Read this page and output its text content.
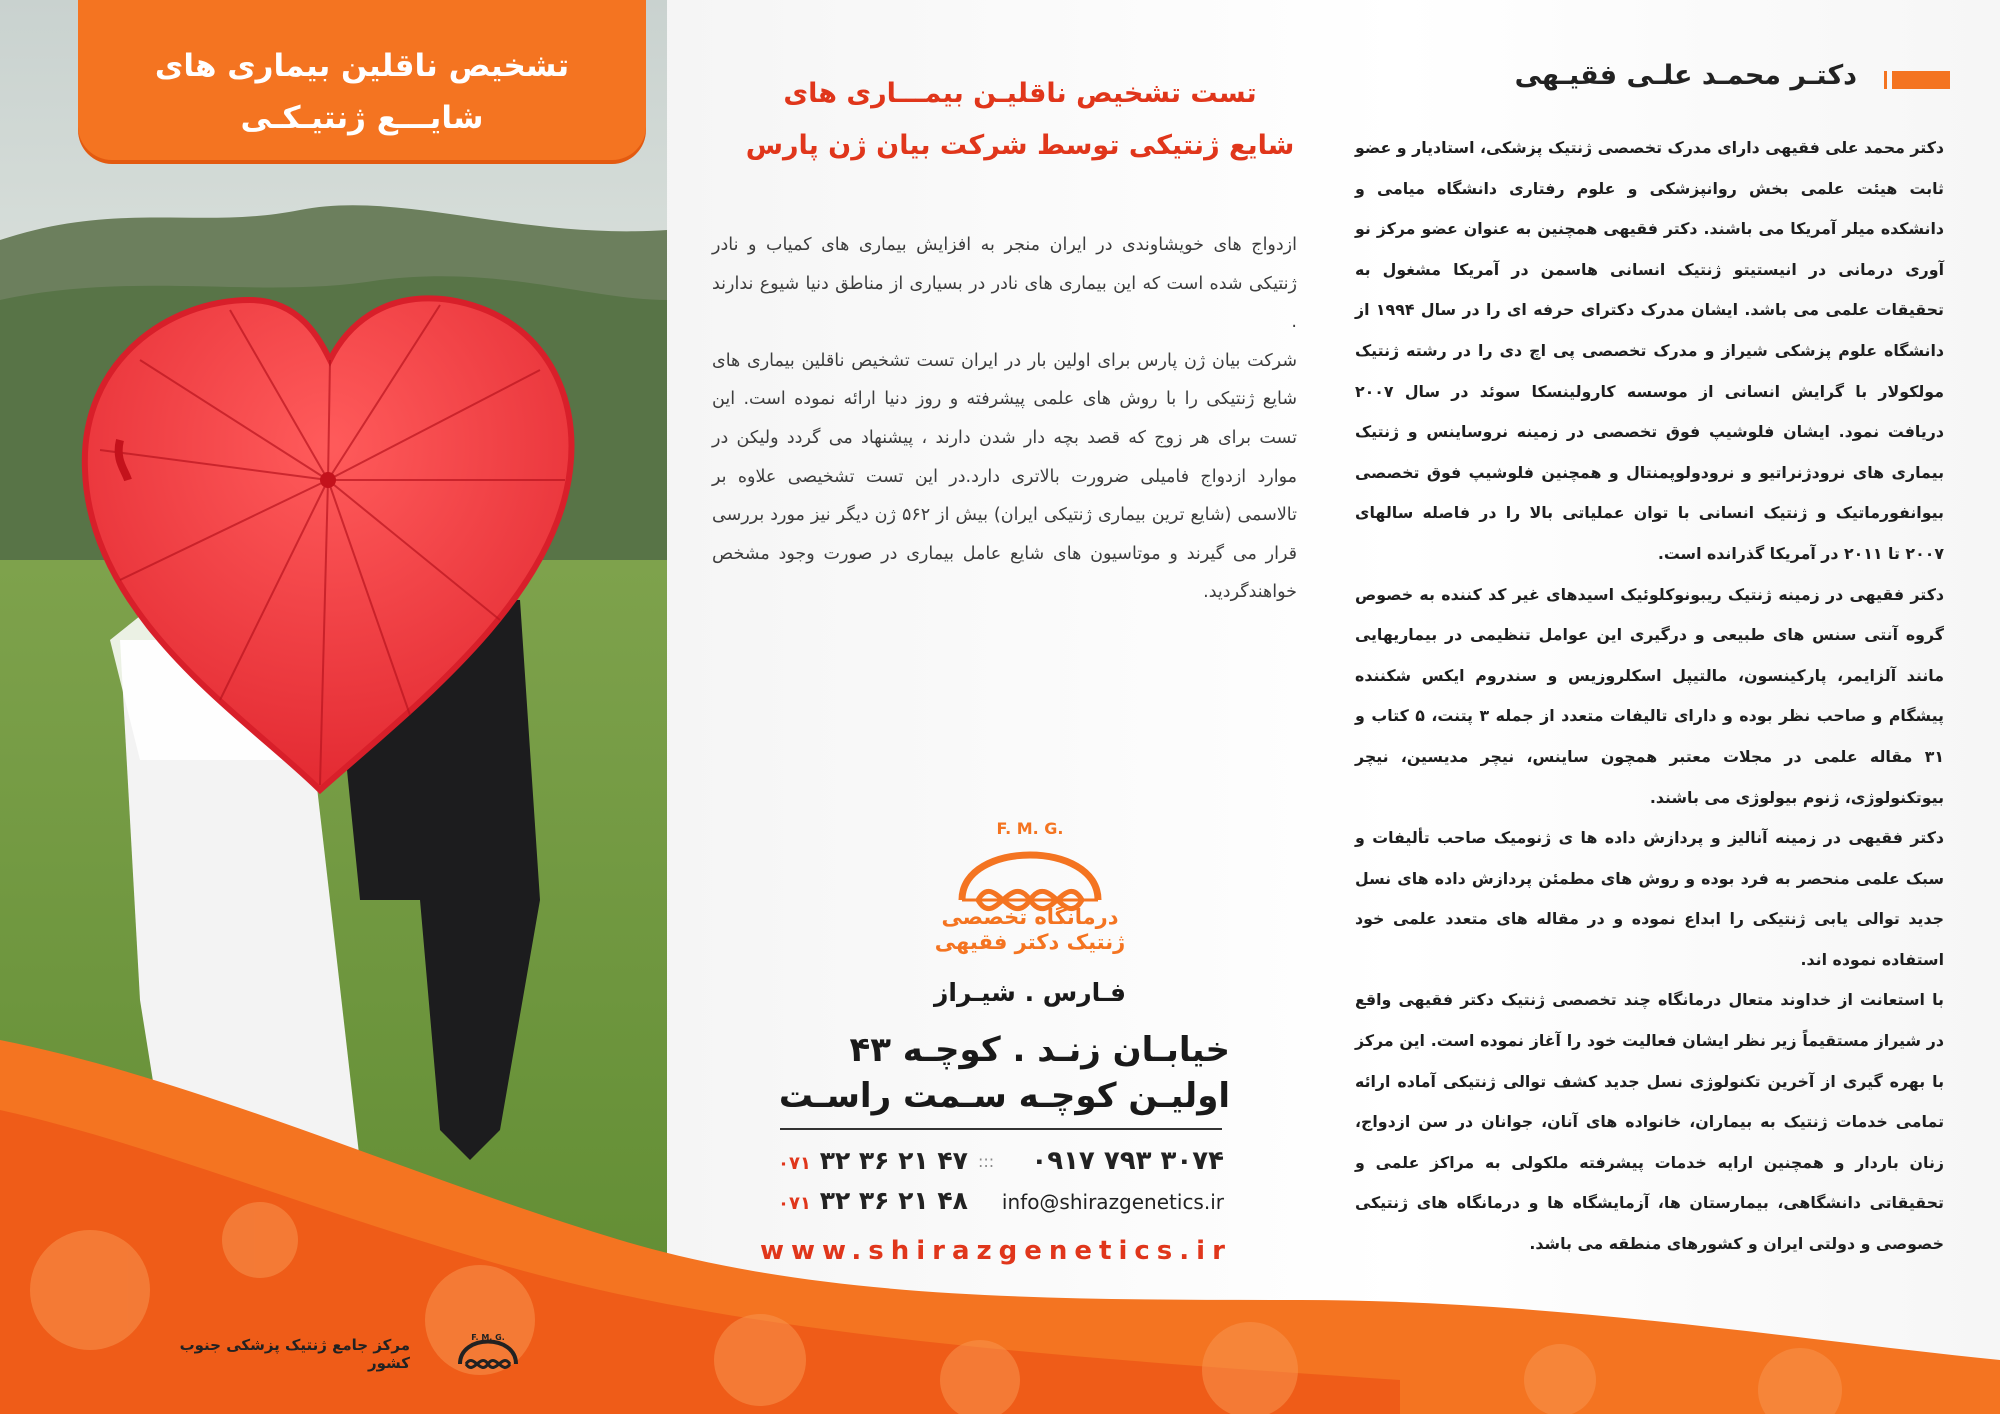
تشخیص ناقلین بیماری های
شایـــع ژنتیـکـی
تست تشخیص ناقلیـن بیمـــاری های
شایع ژنتیکی توسط شرکت بیان ژن پارس

ازدواج های خویشاوندی در ایران منجر به افزایش بیماری های کمیاب و نادر ژنتیکی شده است که این بیماری های نادر در بسیاری از مناطق دنیا شیوع ندارند .

شرکت بیان ژن پارس برای اولین بار در ایران تست تشخیص ناقلین بیماری های شایع ژنتیکی را با روش های علمی پیشرفته و روز دنیا ارائه نموده است. این تست برای هر زوج که قصد بچه دار شدن دارند ، پیشنهاد می گردد ولیکن در موارد ازدواج فامیلی ضرورت بالاتری دارد.در این تست تشخیصی علاوه بر تالاسمی (شایع ترین بیماری ژنتیکی ایران) بیش از ۵۶۲ ژن دیگر نیز مورد بررسی قرار می گیرند و موتاسیون های شایع عامل بیماری در صورت وجود مشخص خواهندگردید.

F. M. G.
درمانگاه تخصصی
ژنتیک دکتر فقیهی
فـارس . شیـراز
خیابـان زنـد . کوچـه ۴۳
اولیـن کوچـه سـمت راسـت
۰۹۱۷ ۷۹۳ ۳۰۷۴
:::
۰۷۱ ۳۲ ۳۶ ۲۱ ۴۷
info@shirazgenetics.ir
۰۷۱ ۳۲ ۳۶ ۲۱ ۴۸
www.shirazgenetics.ir
دکتـر محمـد علـی فقیـهی

دکتر محمد علی فقیهی دارای مدرک تخصصی ژنتیک پزشکی، استادیار و عضو ثابت هیئت علمی بخش روانپزشکی و علوم رفتاری دانشگاه میامی و دانشکده میلر آمریکا می باشند. دکتر فقیهی همچنین به عنوان عضو مرکز نو آوری درمانی در انیستیتو ژنتیک انسانی هاسمن در آمریکا مشغول به تحقیقات علمی می باشد. ایشان مدرک دکترای حرفه ای را در سال ۱۹۹۴ از دانشگاه علوم پزشکی شیراز و مدرک تخصصی پی اچ دی را در رشته ژنتیک مولکولار با گرایش انسانی از موسسه کارولینسکا سوئد در سال ۲۰۰۷ دریافت نمود. ایشان فلوشیپ فوق تخصصی در زمینه نروساینس و ژنتیک بیماری های نرودژنراتیو و نرودولوپمنتال و همچنین فلوشیپ فوق تخصصی بیوانفورماتیک و ژنتیک انسانی با توان عملیاتی بالا را در فاصله سالهای ۲۰۰۷ تا ۲۰۱۱ در آمریکا گذرانده است.

دکتر فقیهی در زمینه ژنتیک ریبونوکلوئیک اسیدهای غیر کد کننده به خصوص گروه آنتی سنس های طبیعی و درگیری این عوامل تنظیمی در بیماریهایی مانند آلزایمر، پارکینسون، مالتیپل اسکلروزیس و سندروم ایکس شکننده پیشگام و صاحب نظر بوده و دارای تالیفات متعدد از جمله ۳ پتنت، ۵ کتاب و ۳۱ مقاله علمی در مجلات معتبر همچون ساینس، نیچر مدیسین، نیچر بیوتکنولوژی، ژنوم بیولوژی می باشند.

دکتر فقیهی در زمینه آنالیز و پردازش داده ها ی ژنومیک صاحب تألیفات و سبک علمی منحصر به فرد بوده و روش های مطمئن پردازش داده های نسل جدید توالی یابی ژنتیکی را ابداع نموده و در مقاله های متعدد علمی خود استفاده نموده اند.

با استعانت از خداوند متعال درمانگاه چند تخصصی ژنتیک دکتر فقیهی واقع در شیراز مستقیماً زیر نظر ایشان فعالیت خود را آغاز نموده است. این مرکز با بهره گیری از آخرین تکنولوژی نسل جدید کشف توالی ژنتیکی آماده ارائه تمامی خدمات ژنتیک به بیماران، خانواده های آنان، جوانان در سن ازدواج، زنان باردار و همچنین ارایه خدمات پیشرفته ملکولی به مراکز علمی و تحقیقاتی دانشگاهی، بیمارستان ها، آزمایشگاه ها و درمانگاه های ژنتیکی خصوصی و دولتی ایران و کشورهای منطقه می باشد.

F. M. G.
مرکز جامع ژنتیک پزشکی جنوب کشور
